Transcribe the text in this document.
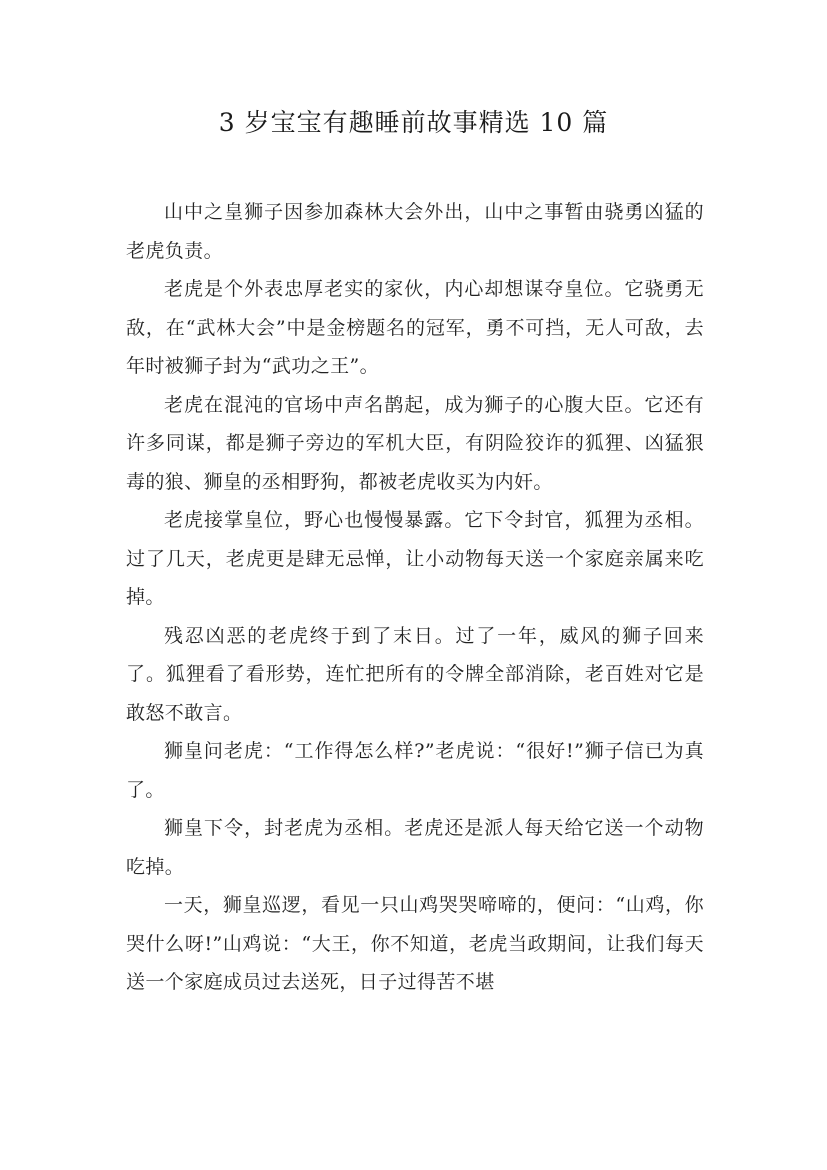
3 岁宝宝有趣睡前故事精选 10 篇

山中之皇狮子因参加森林大会外出，山中之事暂由骁勇凶猛的老虎负责。

老虎是个外表忠厚老实的家伙，内心却想谋夺皇位。它骁勇无敌，在“武林大会”中是金榜题名的冠军，勇不可挡，无人可敌，去年时被狮子封为“武功之王”。

老虎在混沌的官场中声名鹊起，成为狮子的心腹大臣。它还有许多同谋，都是狮子旁边的军机大臣，有阴险狡诈的狐狸、凶猛狠毒的狼、狮皇的丞相野狗，都被老虎收买为内奸。

老虎接掌皇位，野心也慢慢暴露。它下令封官，狐狸为丞相。过了几天，老虎更是肆无忌惮，让小动物每天送一个家庭亲属来吃掉。

残忍凶恶的老虎终于到了末日。过了一年，威风的狮子回来了。狐狸看了看形势，连忙把所有的令牌全部消除，老百姓对它是敢怒不敢言。

狮皇问老虎：“工作得怎么样?”老虎说：“很好!”狮子信已为真了。

狮皇下令，封老虎为丞相。老虎还是派人每天给它送一个动物吃掉。

一天，狮皇巡逻，看见一只山鸡哭哭啼啼的，便问：“山鸡，你哭什么呀!”山鸡说：“大王，你不知道，老虎当政期间，让我们每天送一个家庭成员过去送死，日子过得苦不堪
